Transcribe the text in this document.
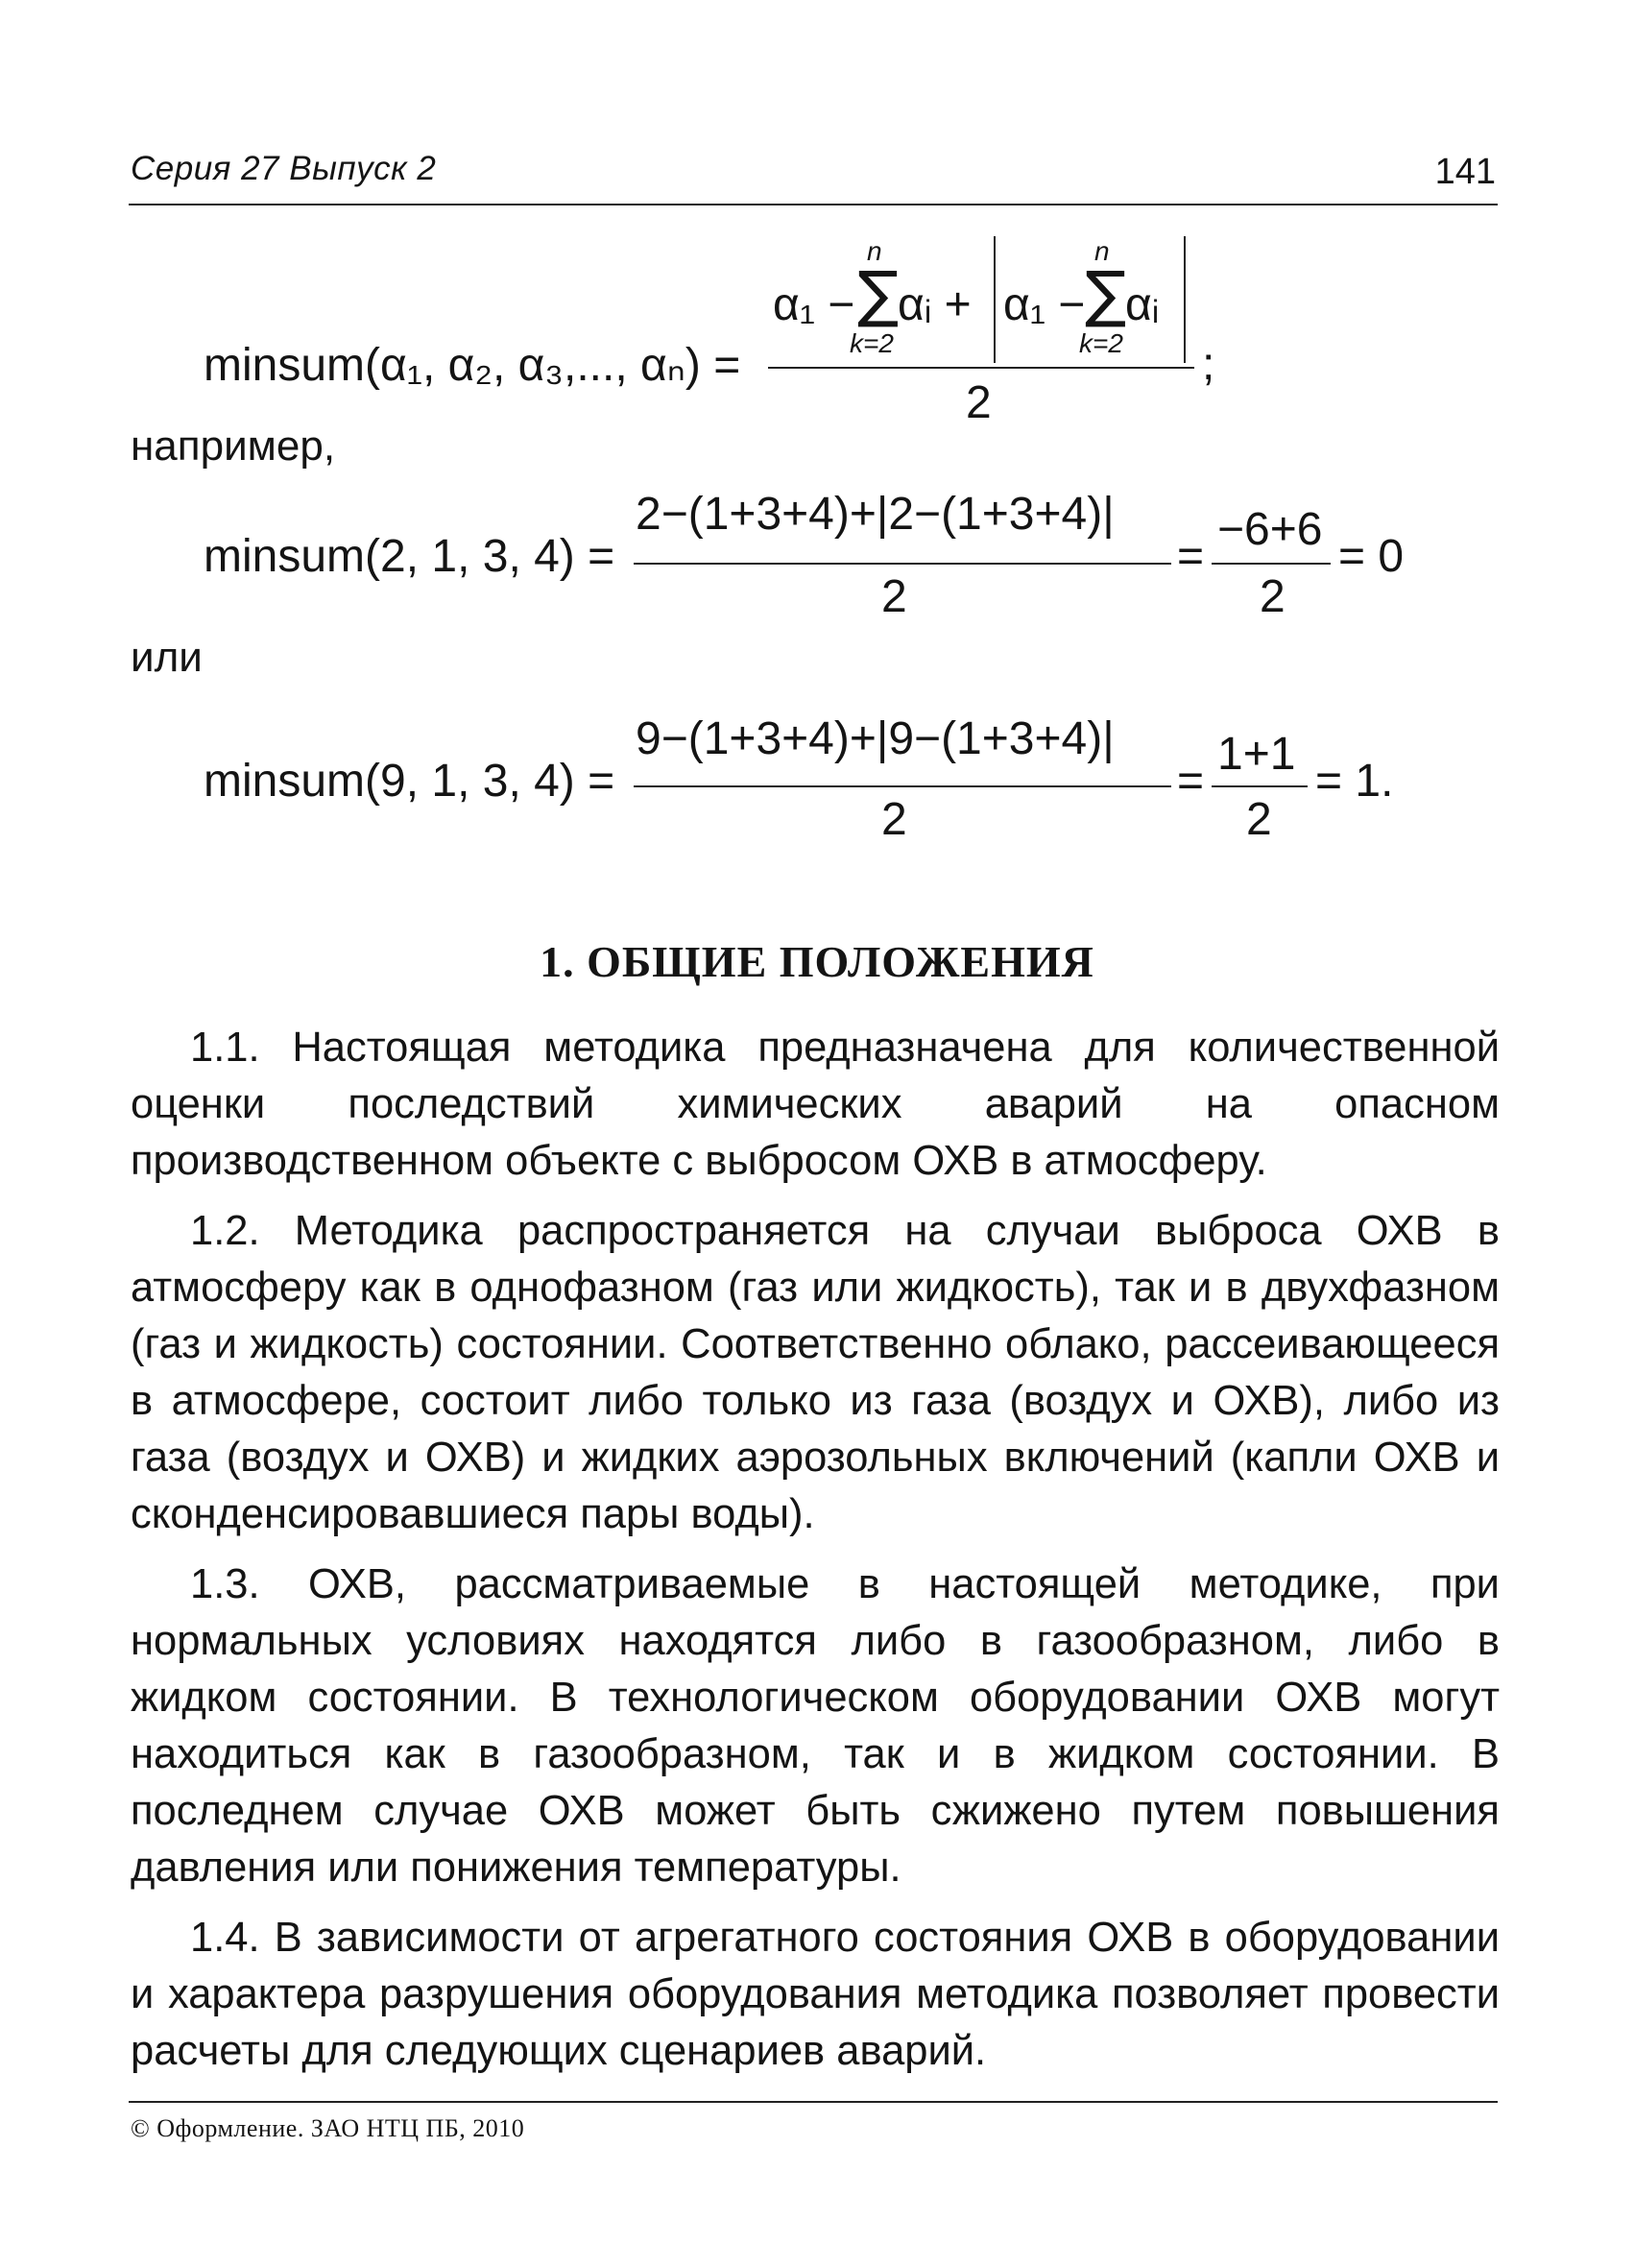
Серия 27 Выпуск 2	141
minsum(α₁, α₂, α₃,..., αₙ) =
α₁ −
n
∑
k=2
αᵢ + α₁ −
n
∑
k=2
αᵢ
2
;
например,
minsum(2, 1, 3, 4) =
2−(1+3+4)+|2−(1+3+4)|
2
=
−6+6
2
= 0
или
minsum(9, 1, 3, 4) =
9−(1+3+4)+|9−(1+3+4)|
2
=
1+1
2
= 1.
1. ОБЩИЕ ПОЛОЖЕНИЯ

1.1. Настоящая методика предназначена для количественной оценки последствий химических аварий на опасном производственном объекте с выбросом ОХВ в атмосферу.

1.2. Методика распространяется на случаи выброса ОХВ в атмосферу как в однофазном (газ или жидкость), так и в двухфазном (газ и жидкость) состоянии. Соответственно облако, рассеивающееся в атмосфере, состоит либо только из газа (воздух и ОХВ), либо из газа (воздух и ОХВ) и жидких аэрозольных включений (капли ОХВ и сконденсировавшиеся пары воды).

1.3. ОХВ, рассматриваемые в настоящей методике, при нормальных условиях находятся либо в газообразном, либо в жидком состоянии. В технологическом оборудовании ОХВ могут находиться как в газообразном, так и в жидком состоянии. В последнем случае ОХВ может быть сжижено путем повышения давления или понижения температуры.

1.4. В зависимости от агрегатного состояния ОХВ в оборудовании и характера разрушения оборудования методика позволяет провести расчеты для следующих сценариев аварий.

© Оформление. ЗАО НТЦ ПБ, 2010
